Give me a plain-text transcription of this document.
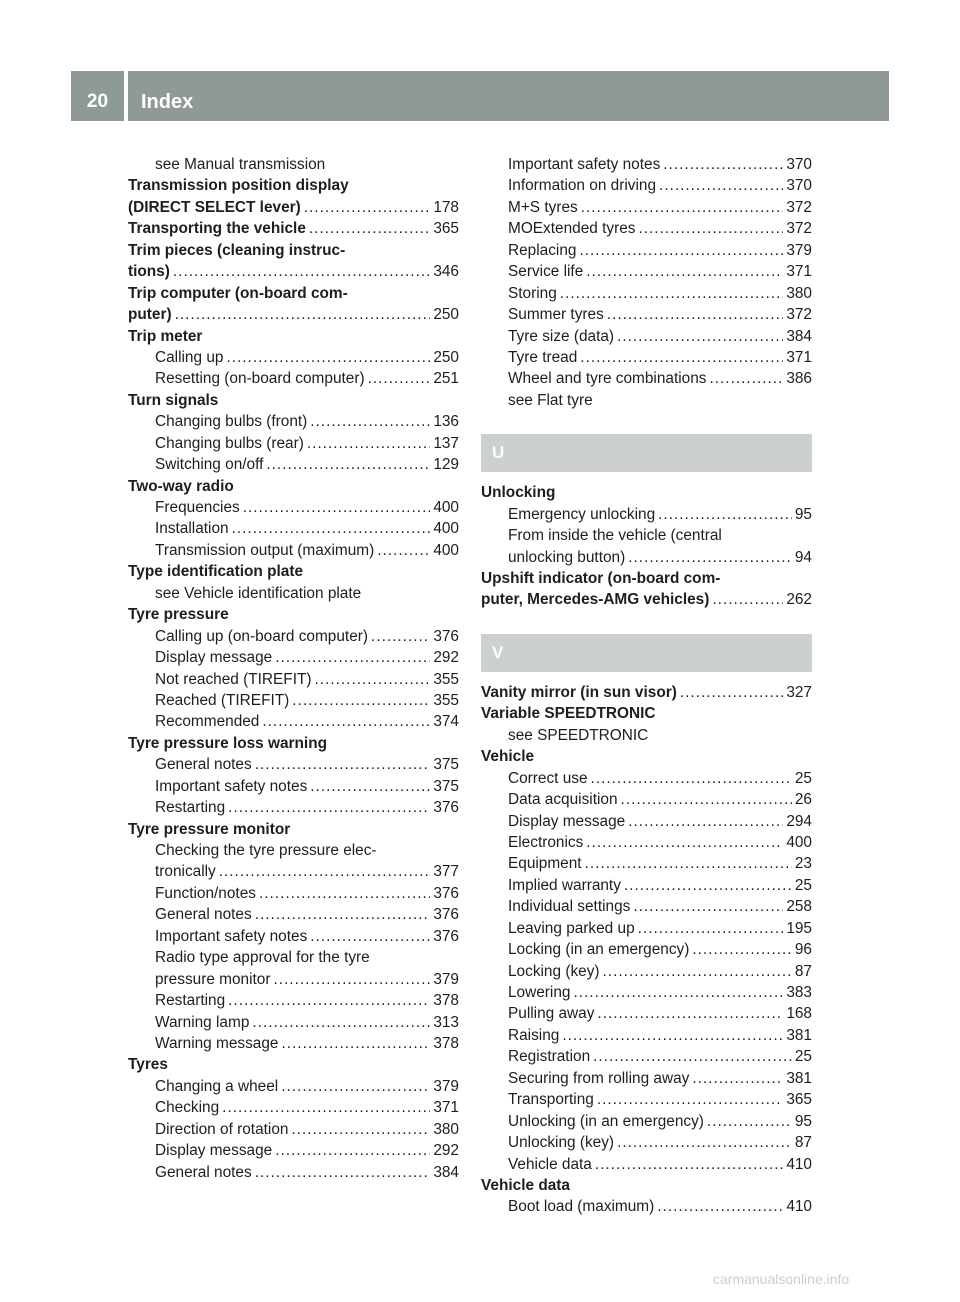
20	Index
see Manual transmission
Transmission position display
(DIRECT SELECT lever) .....	178
Transporting the vehicle .....	365
Trim pieces (cleaning instruc-
tions) .....	346
Trip computer (on-board com-
puter) .....	250
Trip meter
Calling up .....	250
Resetting (on-board computer) .....	251
Turn signals
Changing bulbs (front) .....	136
Changing bulbs (rear) .....	137
Switching on/off .....	129
Two-way radio
Frequencies .....	400
Installation .....	400
Transmission output (maximum) .....	400
Type identification plate
see Vehicle identification plate
Tyre pressure
Calling up (on-board computer) .....	376
Display message .....	292
Not reached (TIREFIT) .....	355
Reached (TIREFIT) .....	355
Recommended .....	374
Tyre pressure loss warning
General notes .....	375
Important safety notes .....	375
Restarting .....	376
Tyre pressure monitor
Checking the tyre pressure elec-
tronically .....	377
Function/notes .....	376
General notes .....	376
Important safety notes .....	376
Radio type approval for the tyre
pressure monitor .....	379
Restarting .....	378
Warning lamp .....	313
Warning message .....	378
Tyres
Changing a wheel .....	379
Checking .....	371
Direction of rotation .....	380
Display message .....	292
General notes .....	384
Important safety notes .....	370
Information on driving .....	370
M+S tyres .....	372
MOExtended tyres .....	372
Replacing .....	379
Service life .....	371
Storing .....	380
Summer tyres .....	372
Tyre size (data) .....	384
Tyre tread .....	371
Wheel and tyre combinations .....	386
see Flat tyre
U
Unlocking
Emergency unlocking .....	95
From inside the vehicle (central
unlocking button) .....	94
Upshift indicator (on-board com-
puter, Mercedes-AMG vehicles) .....	262
V
Vanity mirror (in sun visor) .....	327
Variable SPEEDTRONIC
see SPEEDTRONIC
Vehicle
Correct use .....	25
Data acquisition .....	26
Display message .....	294
Electronics .....	400
Equipment .....	23
Implied warranty .....	25
Individual settings .....	258
Leaving parked up .....	195
Locking (in an emergency) .....	96
Locking (key) .....	87
Lowering .....	383
Pulling away .....	168
Raising .....	381
Registration .....	25
Securing from rolling away .....	381
Transporting .....	365
Unlocking (in an emergency) .....	95
Unlocking (key) .....	87
Vehicle data .....	410
Vehicle data
Boot load (maximum) .....	410
carmanualsonline.info
